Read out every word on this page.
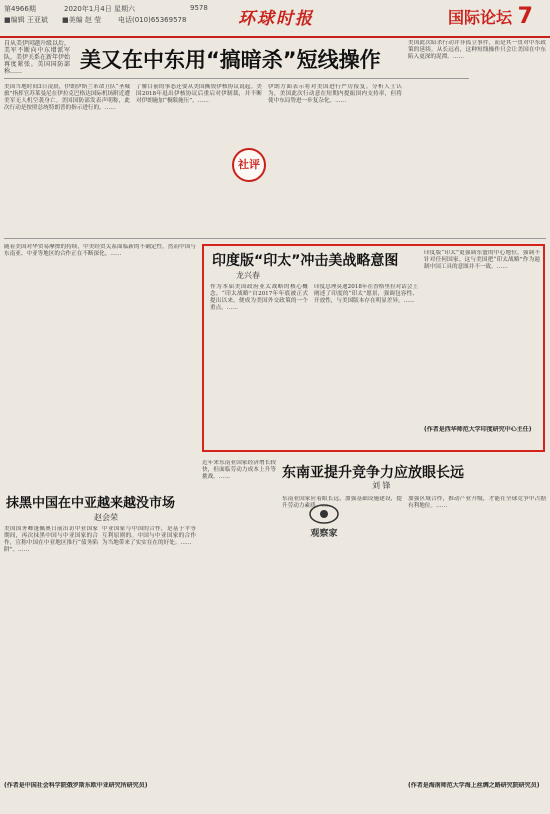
第4966期	2020年1月4日 星期六
■编辑 王亚斌 ■美编 赵 莹 电话(010)65369578
9578
环球时报	国际论坛 7
自从美伊问题升级以后，美军不断向中东增派军队，美伊关系在新年伊始再度紧张。美国国防部称……	美又在中东用“搞暗杀”短线操作
美国当地时间3日凌晨，伊朗伊斯兰革命卫队“圣城旅”指挥官苏莱曼尼在伊拉克巴格达国际机场附近遭美军无人机空袭身亡。美国国防部发表声明称，此次行动是按照总统特朗普的指示进行的。……
了解目前的事态还要从美国撕毁伊核协议说起。美国2018年退出伊核协议后重启对伊制裁，并不断对伊朗施加“极限施压”。……
社评
伊朗方面表示将对美国进行严厉报复。分析人士认为，美国此次行动意在短期内提振国内支持率，但将使中东局势进一步复杂化。……
美国此次暗杀行动并非孤立事件，而是其一贯对中东政策的延续。从长远看，这种短线操作只会让美国在中东陷入更深的泥潭。……
随着美国对华贸易摩擦的持续，中美经贸关系面临新的不确定性，然而中国与东南亚、中亚等地区的合作正在不断深化。……
抹黑中国在中亚越来越没市场
赵会荣
美国国务卿蓬佩奥日前出访中亚国家期间，再次抹黑中国与中亚国家的合作，宣称中国在中亚地区推行“债务陷阱”。……
中亚国家与中国的合作，是基于平等互利原则的。中国与中亚国家的合作为当地带来了实实在在的好处。……
(作者是中国社会科学院俄罗斯东欧中亚研究所研究员)
印度版“印太”冲击美战略意图
龙兴春
作为本届美国政府亚太战略的核心概念，“印太战略”自2017年年底被正式提出以来，便成为美国外交政策的一个重点。……
印度总理莫迪2018年在香格里拉对话会上阐述了印度的“印太”愿景，强调包容性、开放性，与美国版本存在明显差异。……
印度版“印太”更强调东盟的中心地位，强调不针对任何国家。这与美国把“印太战略”作为遏制中国工具的意图并不一致。……
(作者是西华师范大学印度研究中心主任)
东南亚提升竞争力应放眼长远
刘 锋
近年来东南亚国家经济增长较快，但面临劳动力成本上升等挑战。……
观察家
东南亚国家应着眼长远，加强基础设施建设，提升劳动力素质。……
加强区域合作，推动产业升级，才能在全球竞争中占据有利地位。……
(作者是海南师范大学海上丝绸之路研究院研究员)
